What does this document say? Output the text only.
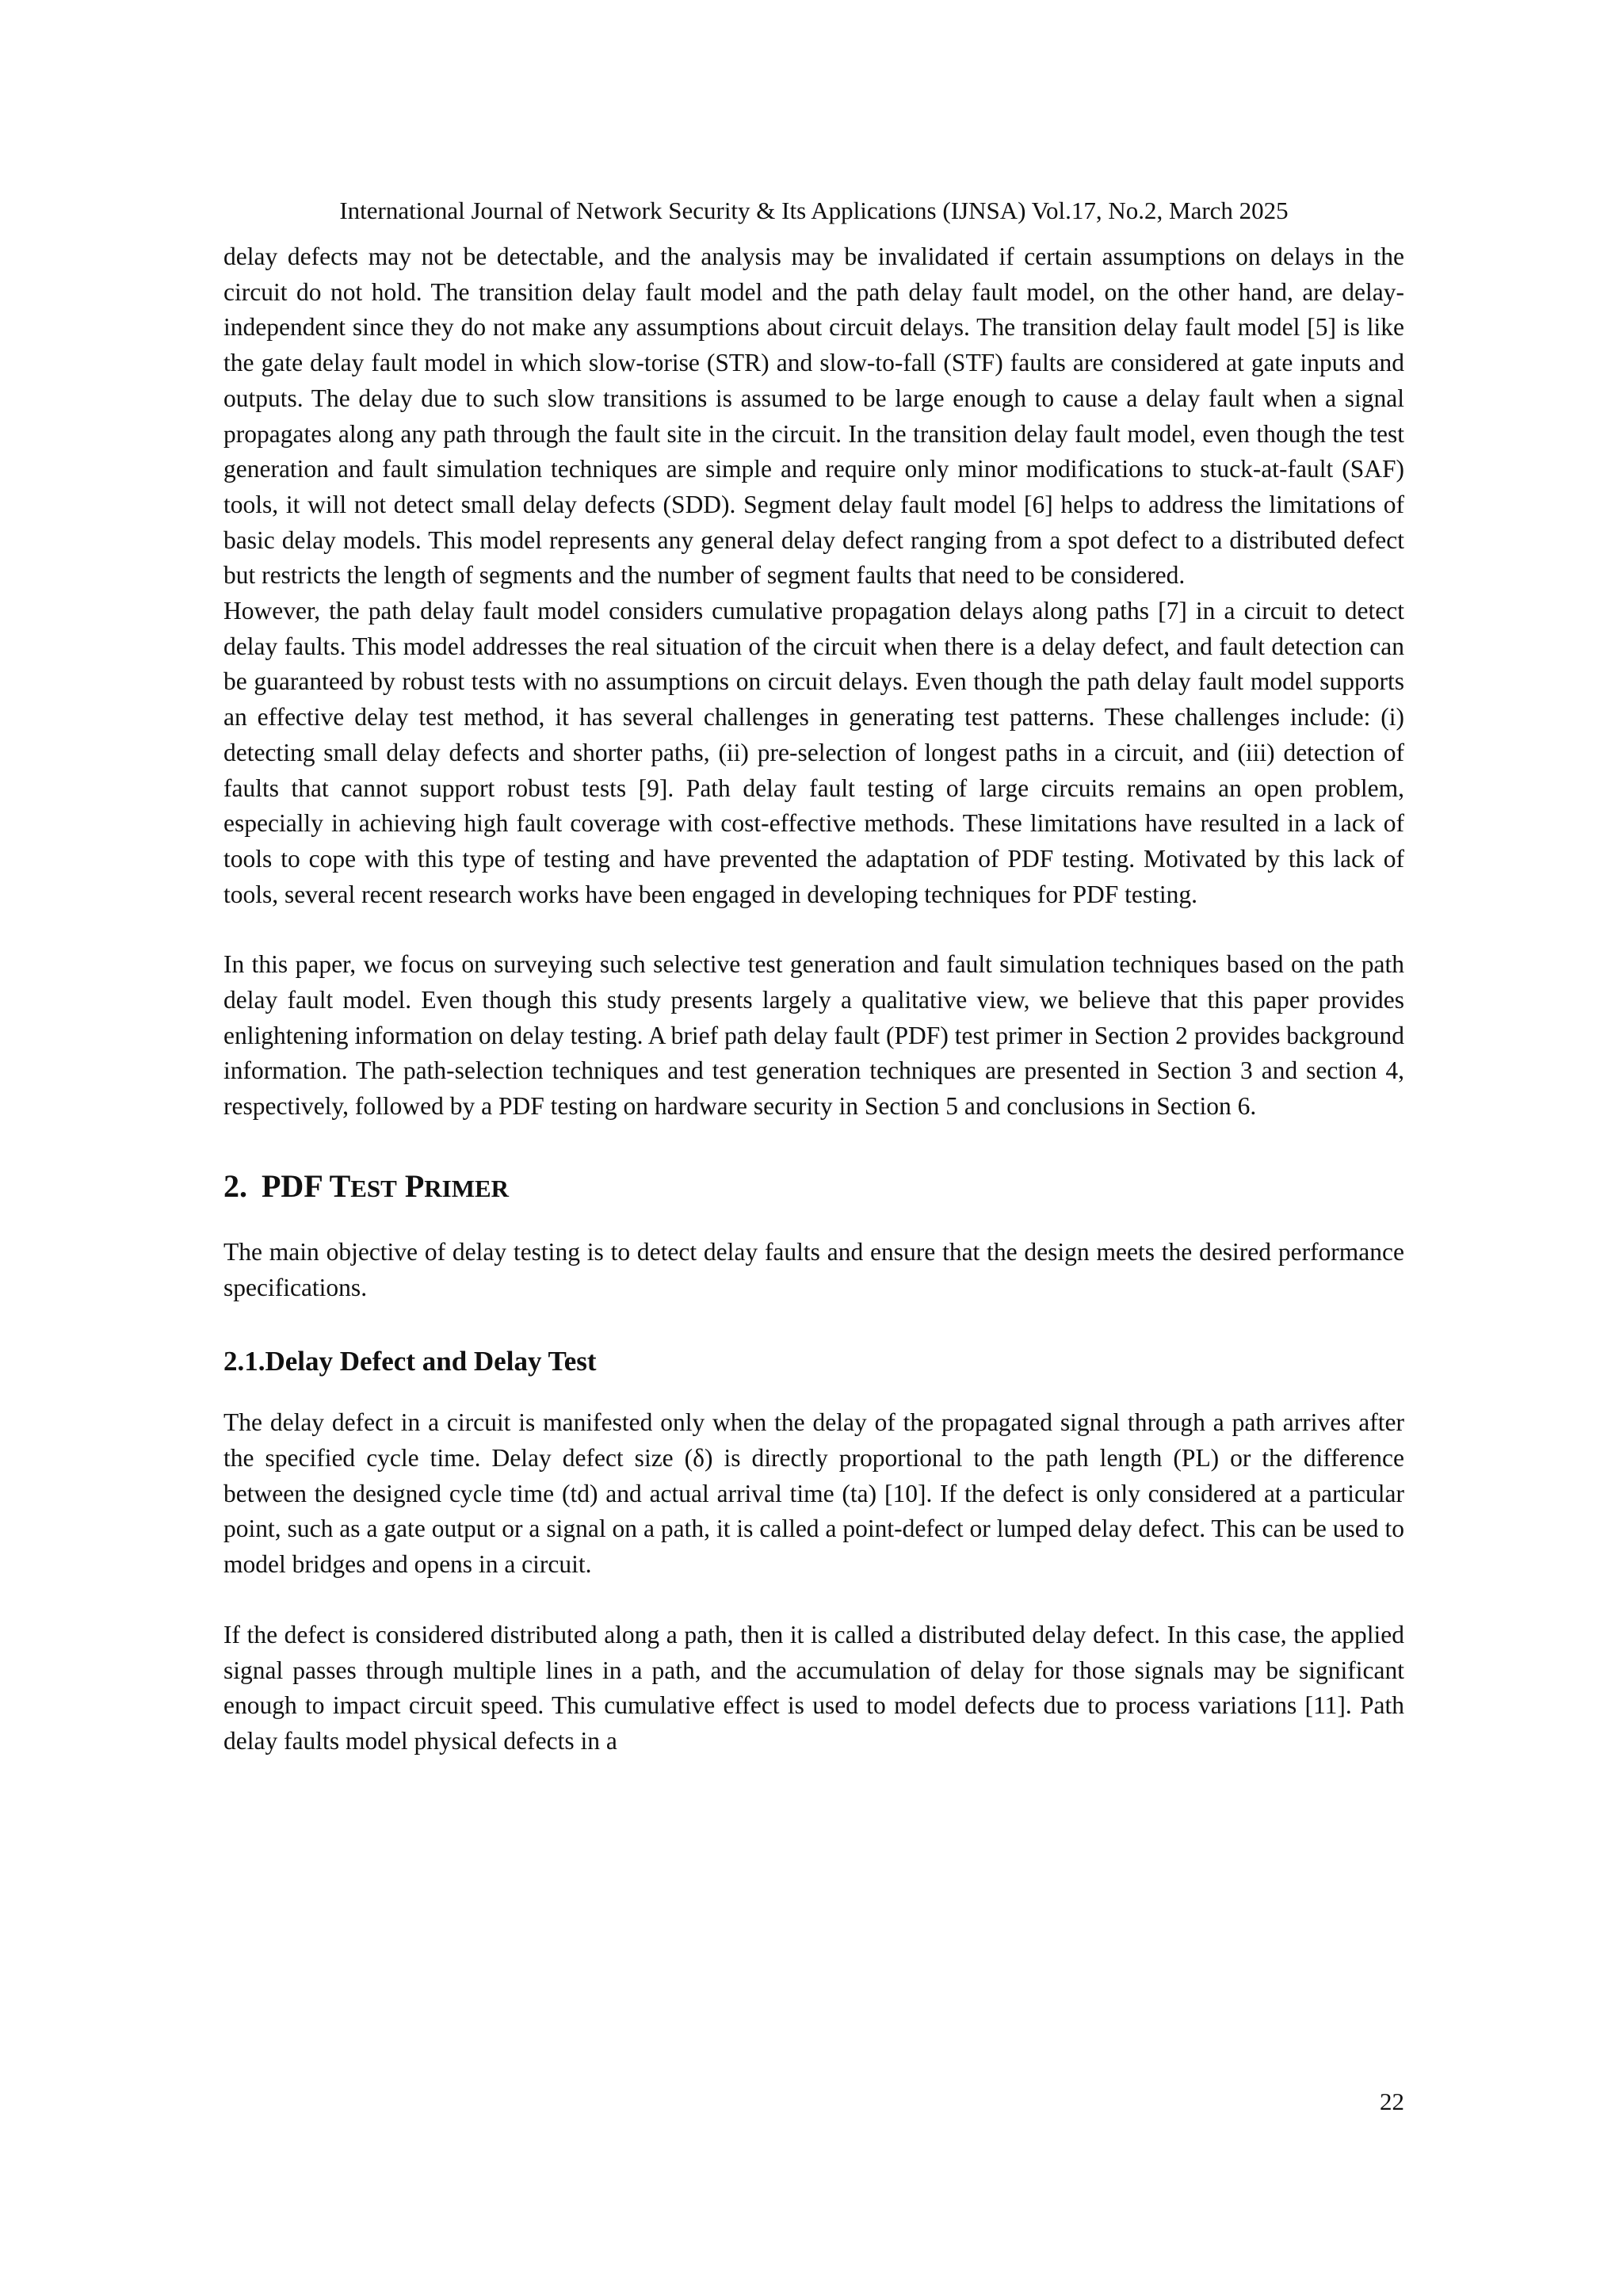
International Journal of Network Security & Its Applications (IJNSA) Vol.17, No.2, March 2025

delay defects may not be detectable, and the analysis may be invalidated if certain assumptions on delays in the circuit do not hold. The transition delay fault model and the path delay fault model, on the other hand, are delay-independent since they do not make any assumptions about circuit delays. The transition delay fault model [5] is like the gate delay fault model in which slow-torise (STR) and slow-to-fall (STF) faults are considered at gate inputs and outputs. The delay due to such slow transitions is assumed to be large enough to cause a delay fault when a signal propagates along any path through the fault site in the circuit. In the transition delay fault model, even though the test generation and fault simulation techniques are simple and require only minor modifications to stuck-at-fault (SAF) tools, it will not detect small delay defects (SDD). Segment delay fault model [6] helps to address the limitations of basic delay models. This model represents any general delay defect ranging from a spot defect to a distributed defect but restricts the length of segments and the number of segment faults that need to be considered.

However, the path delay fault model considers cumulative propagation delays along paths [7] in a circuit to detect delay faults. This model addresses the real situation of the circuit when there is a delay defect, and fault detection can be guaranteed by robust tests with no assumptions on circuit delays. Even though the path delay fault model supports an effective delay test method, it has several challenges in generating test patterns. These challenges include: (i) detecting small delay defects and shorter paths, (ii) pre-selection of longest paths in a circuit, and (iii) detection of faults that cannot support robust tests [9]. Path delay fault testing of large circuits remains an open problem, especially in achieving high fault coverage with cost-effective methods. These limitations have resulted in a lack of tools to cope with this type of testing and have prevented the adaptation of PDF testing. Motivated by this lack of tools, several recent research works have been engaged in developing techniques for PDF testing.

In this paper, we focus on surveying such selective test generation and fault simulation techniques based on the path delay fault model. Even though this study presents largely a qualitative view, we believe that this paper provides enlightening information on delay testing. A brief path delay fault (PDF) test primer in Section 2 provides background information. The path-selection techniques and test generation techniques are presented in Section 3 and section 4, respectively, followed by a PDF testing on hardware security in Section 5 and conclusions in Section 6.

2. PDF TEST PRIMER

The main objective of delay testing is to detect delay faults and ensure that the design meets the desired performance specifications.

2.1.Delay Defect and Delay Test

The delay defect in a circuit is manifested only when the delay of the propagated signal through a path arrives after the specified cycle time. Delay defect size (δ) is directly proportional to the path length (PL) or the difference between the designed cycle time (td) and actual arrival time (ta) [10]. If the defect is only considered at a particular point, such as a gate output or a signal on a path, it is called a point-defect or lumped delay defect. This can be used to model bridges and opens in a circuit.

If the defect is considered distributed along a path, then it is called a distributed delay defect. In this case, the applied signal passes through multiple lines in a path, and the accumulation of delay for those signals may be significant enough to impact circuit speed. This cumulative effect is used to model defects due to process variations [11]. Path delay faults model physical defects in a

22
